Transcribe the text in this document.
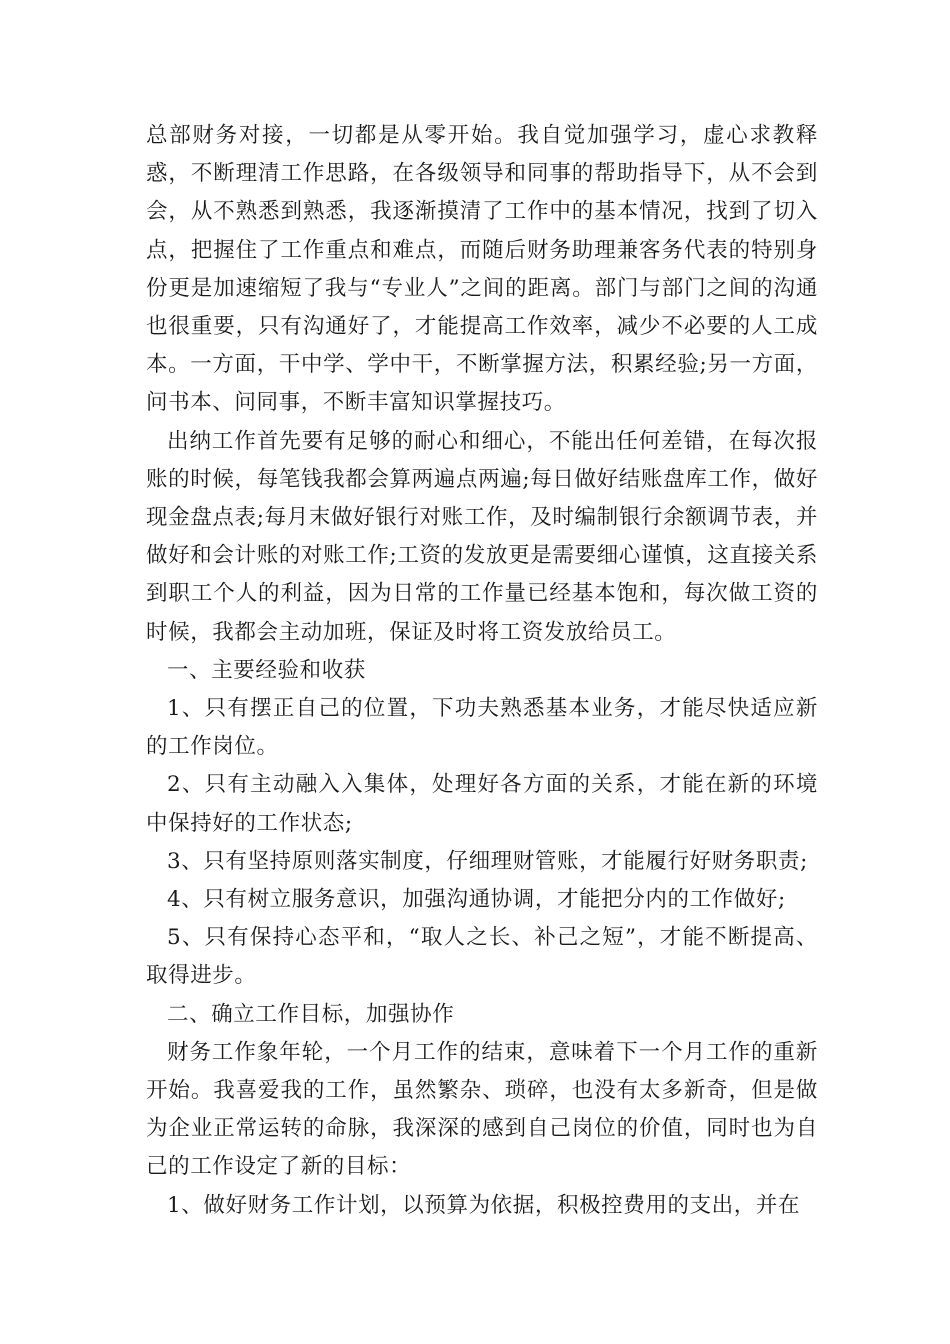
总部财务对接，一切都是从零开始。我自觉加强学习，虚心求教释惑，不断理清工作思路，在各级领导和同事的帮助指导下，从不会到会，从不熟悉到熟悉，我逐渐摸清了工作中的基本情况，找到了切入点，把握住了工作重点和难点，而随后财务助理兼客务代表的特别身份更是加速缩短了我与“专业人”之间的距离。部门与部门之间的沟通也很重要，只有沟通好了，才能提高工作效率，减少不必要的人工成本。一方面，干中学、学中干，不断掌握方法，积累经验;另一方面，问书本、问同事，不断丰富知识掌握技巧。

出纳工作首先要有足够的耐心和细心，不能出任何差错，在每次报账的时候，每笔钱我都会算两遍点两遍;每日做好结账盘库工作，做好现金盘点表;每月末做好银行对账工作，及时编制银行余额调节表，并做好和会计账的对账工作;工资的发放更是需要细心谨慎，这直接关系到职工个人的利益，因为日常的工作量已经基本饱和，每次做工资的时候，我都会主动加班，保证及时将工资发放给员工。

一、主要经验和收获

1、只有摆正自己的位置，下功夫熟悉基本业务，才能尽快适应新的工作岗位。

2、只有主动融入入集体，处理好各方面的关系，才能在新的环境中保持好的工作状态;

3、只有坚持原则落实制度，仔细理财管账，才能履行好财务职责;

4、只有树立服务意识，加强沟通协调，才能把分内的工作做好;

5、只有保持心态平和，“取人之长、补己之短”，才能不断提高、取得进步。

二、确立工作目标，加强协作

财务工作象年轮，一个月工作的结束，意味着下一个月工作的重新开始。我喜爱我的工作，虽然繁杂、琐碎，也没有太多新奇，但是做为企业正常运转的命脉，我深深的感到自己岗位的价值，同时也为自己的工作设定了新的目标：

1、做好财务工作计划，以预算为依据，积极控费用的支出，并在
